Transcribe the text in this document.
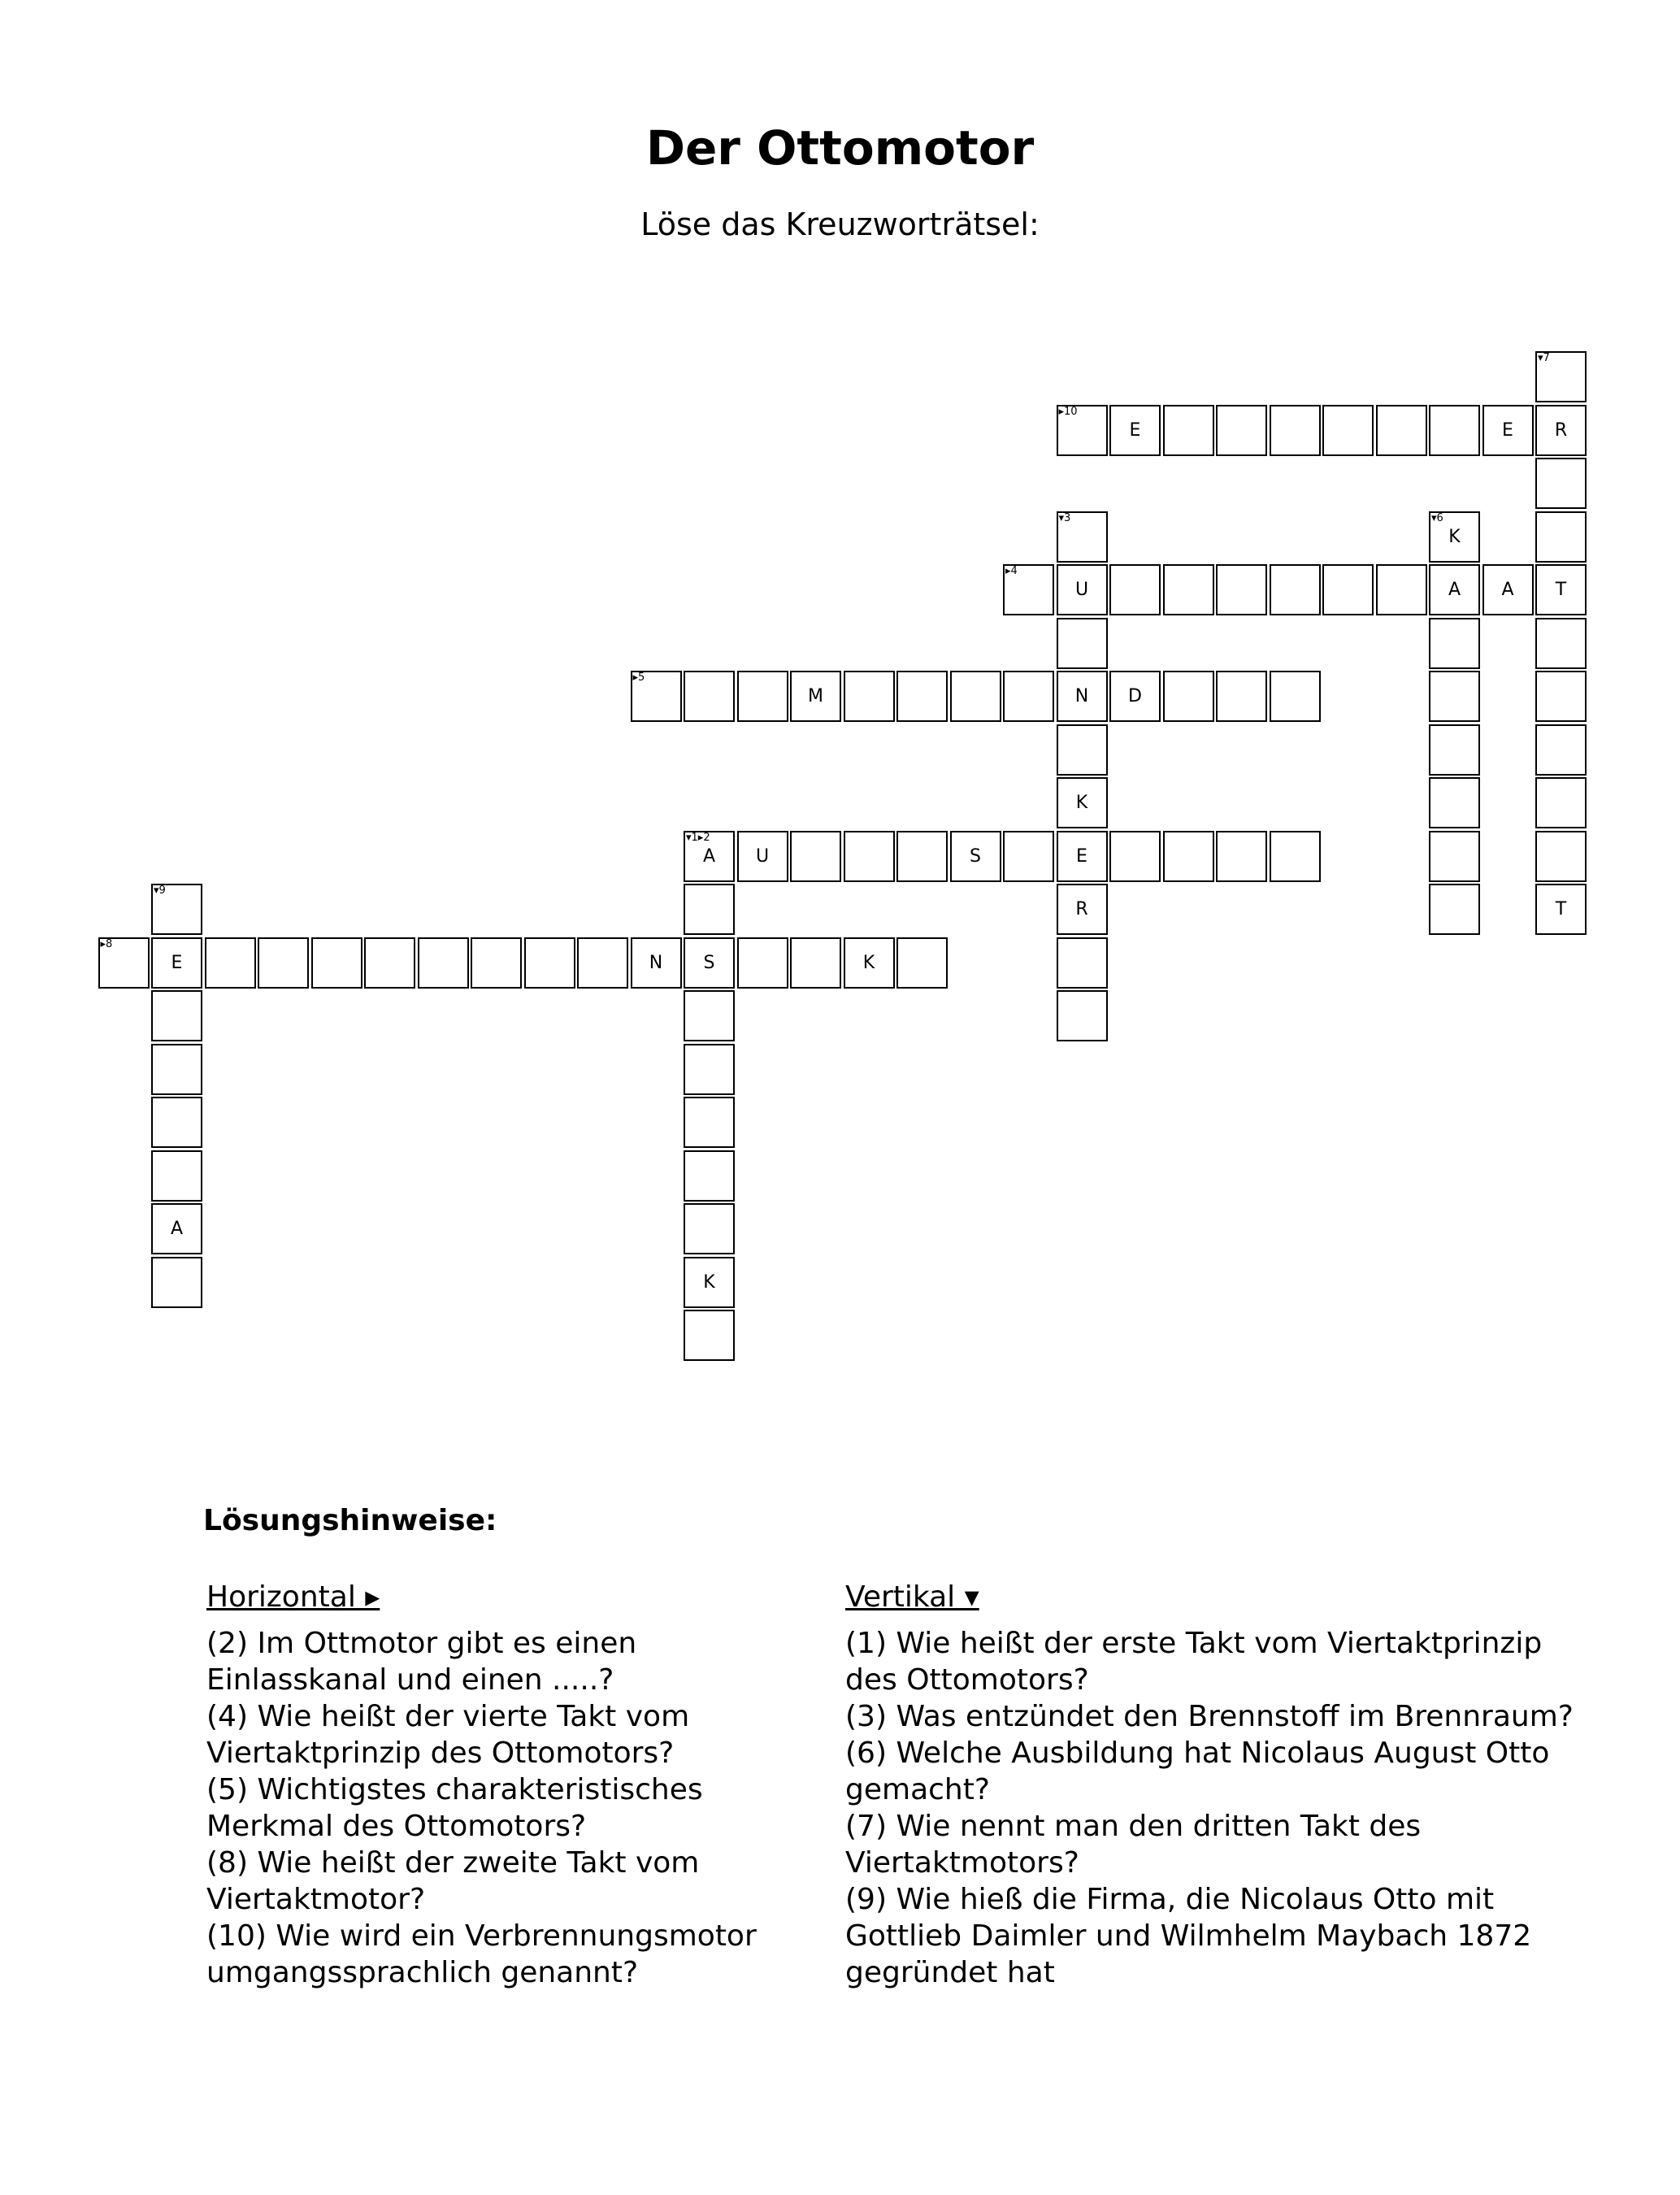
Der Ottomotor
Löse das Kreuzworträtsel:
▾1▸2
A
S
K
U	S	E
▾3
U
N
K
R
▸4
A	A	T
▸5
M	D
▾6
K
▾7
R
T
▸8
E	N	K
▾9
A
▸10
E	E
Lösungshinweise:
Horizontal ▸

(2) Im Ottmotor gibt es einen Einlasskanal und einen .....?

(4) Wie heißt der vierte Takt vom Viertaktprinzip des Ottomotors?

(5) Wichtigstes charakteristisches Merkmal des Ottomotors?

(8) Wie heißt der zweite Takt vom Viertaktmotor?

(10) Wie wird ein Verbrennungsmotor umgangssprachlich genannt?

Vertikal ▾

(1) Wie heißt der erste Takt vom Viertaktprinzip des Ottomotors?

(3) Was entzündet den Brennstoff im Brennraum?

(6) Welche Ausbildung hat Nicolaus August Otto gemacht?

(7) Wie nennt man den dritten Takt des Viertaktmotors?

(9) Wie hieß die Firma, die Nicolaus Otto mit Gottlieb Daimler und Wilmhelm Maybach 1872 gegründet hat
